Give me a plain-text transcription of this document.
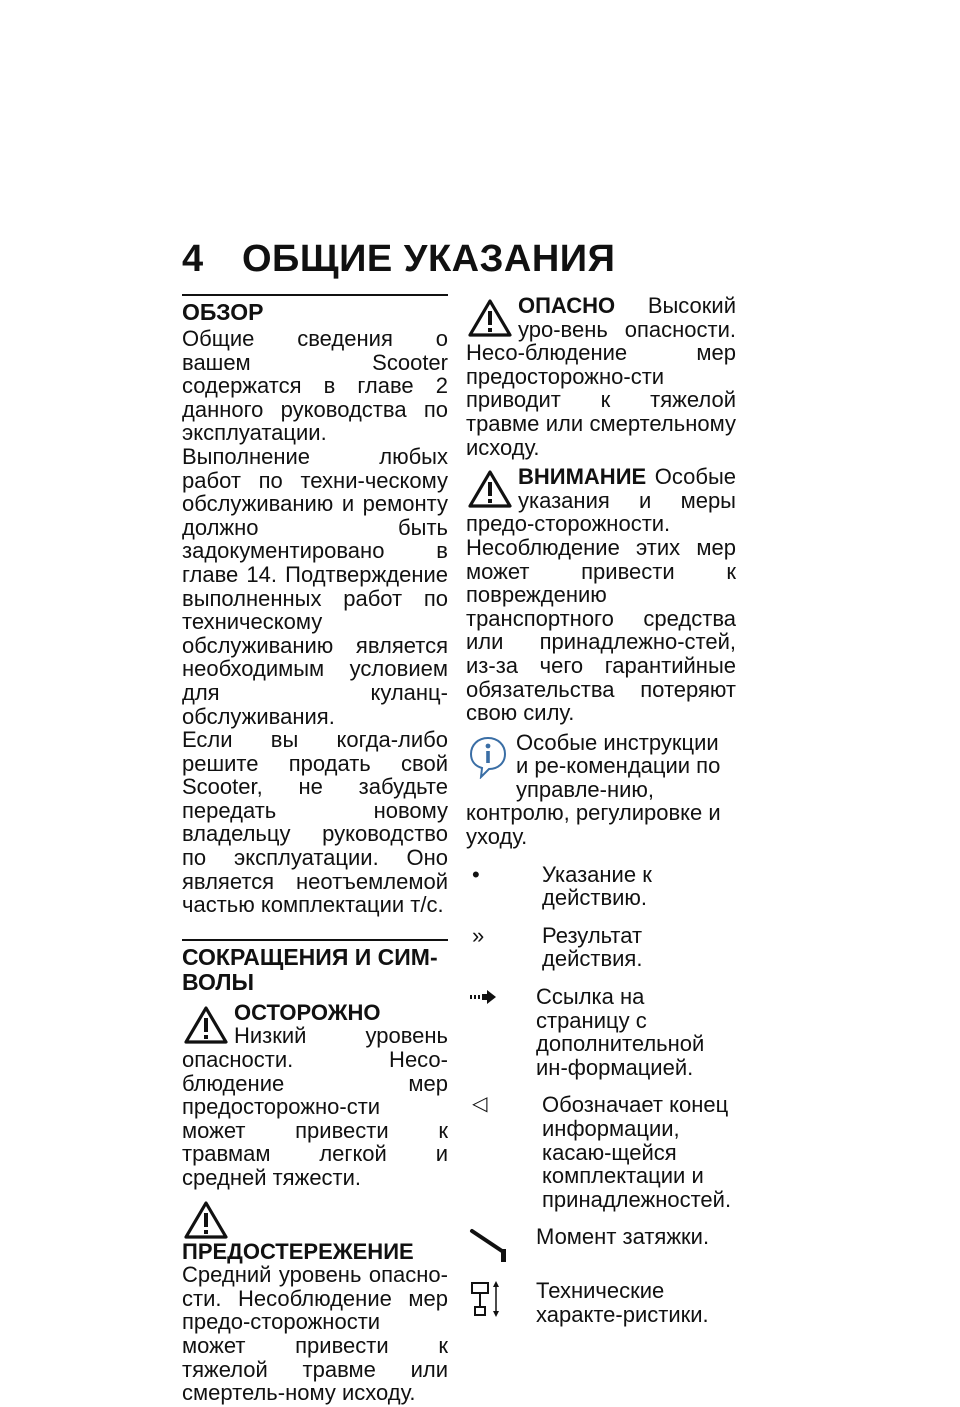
4 ОБЩИЕ УКАЗАНИЯ
ОБЗОР

Общие сведения о вашем Scooter содержатся в главе 2 данного руководства по эксплуатации. Выполнение любых работ по техни-ческому обслуживанию и ремонту должно быть задокументировано в главе 14. Подтверждение выполненных работ по техническому обслуживанию является необходимым условием для куланц-обслуживания.

Если вы когда-либо решите продать свой Scooter, не забудьте передать новому владельцу руководство по эксплуатации. Оно является неотъемлемой частью комплектации т/с.

СОКРАЩЕНИЯ И СИМ-ВОЛЫ

ОСТОРОЖНО Низкий уровень опасности. Несо-блюдение мер предосторожно-сти может привести к травмам легкой и средней тяжести.

ПРЕДОСТЕРЕЖЕНИЕ Средний уровень опасно-сти. Несоблюдение мер предо-сторожности может привести к тяжелой травме или смертель-ному исходу.

ОПАСНО Высокий уро-вень опасности. Несо-блюдение мер предосторожно-сти приводит к тяжелой травме или смертельному исходу.

ВНИМАНИЕ Особые указания и меры предо-сторожности. Несоблюдение этих мер может привести к повреждению транспортного средства или принадлежно-стей, из-за чего гарантийные обязательства потеряют свою силу.

Особые инструкции и ре-комендации по управле-нию, контролю, регулировке и уходу.

•	Указание к действию.
»	Результат действия.
Ссылка на страницу с дополнительной ин-формацией.
◁	Обозначает конец информации, касаю-щейся комплектации и принадлежностей.
Момент затяжки.
Технические характе-ристики.
